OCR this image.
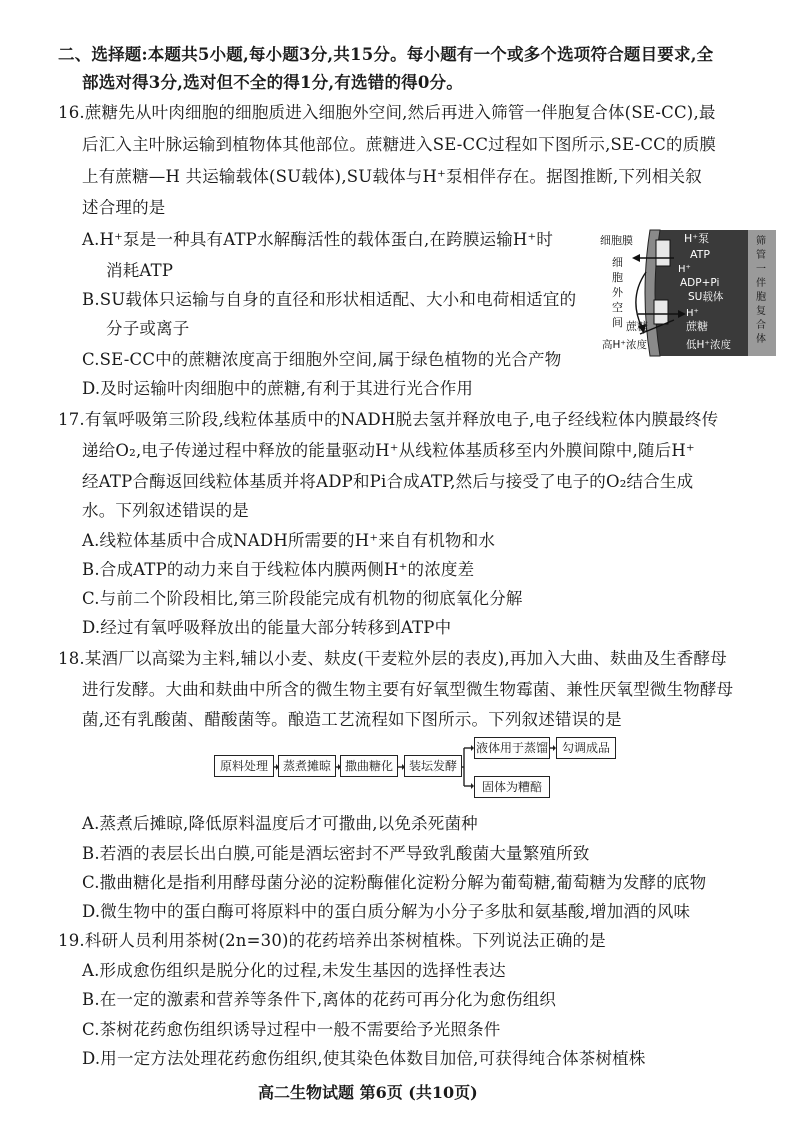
二、选择题:本题共5小题,每小题3分,共15分。每小题有一个或多个选项符合题目要求,全
部选对得3分,选对但不全的得1分,有选错的得0分。
16.蔗糖先从叶肉细胞的细胞质进入细胞外空间,然后再进入筛管一伴胞复合体(SE-CC),最
后汇入主叶脉运输到植物体其他部位。蔗糖进入SE-CC过程如下图所示,SE-CC的质膜
上有蔗糖—H 共运输载体(SU载体),SU载体与H⁺泵相伴存在。据图推断,下列相关叙
述合理的是
A.H⁺泵是一种具有ATP水解酶活性的载体蛋白,在跨膜运输H⁺时
消耗ATP
B.SU载体只运输与自身的直径和形状相适配、大小和电荷相适宜的
分子或离子
C.SE-CC中的蔗糖浓度高于细胞外空间,属于绿色植物的光合产物
D.及时运输叶肉细胞中的蔗糖,有利于其进行光合作用
H⁺泵
ATP
H⁺
ADP+Pi
SU载体
H⁺
蔗糖
低H⁺浓度
筛
管
一
伴
胞
复
合
体
细胞膜
细
胞
外
空
间 蔗糖
高H⁺浓度
17.有氧呼吸第三阶段,线粒体基质中的NADH脱去氢并释放电子,电子经线粒体内膜最终传
递给O₂,电子传递过程中释放的能量驱动H⁺从线粒体基质移至内外膜间隙中,随后H⁺
经ATP合酶返回线粒体基质并将ADP和Pi合成ATP,然后与接受了电子的O₂结合生成
水。下列叙述错误的是
A.线粒体基质中合成NADH所需要的H⁺来自有机物和水
B.合成ATP的动力来自于线粒体内膜两侧H⁺的浓度差
C.与前二个阶段相比,第三阶段能完成有机物的彻底氧化分解
D.经过有氧呼吸释放出的能量大部分转移到ATP中
18.某酒厂以高粱为主料,辅以小麦、麸皮(干麦粒外层的表皮),再加入大曲、麸曲及生香酵母
进行发酵。大曲和麸曲中所含的微生物主要有好氧型微生物霉菌、兼性厌氧型微生物酵母
菌,还有乳酸菌、醋酸菌等。酿造工艺流程如下图所示。下列叙述错误的是
原料处理	蒸煮摊晾	撒曲糖化	装坛发酵
液体用于蒸馏	勾调成品
固体为糟醅
A.蒸煮后摊晾,降低原料温度后才可撒曲,以免杀死菌种
B.若酒的表层长出白膜,可能是酒坛密封不严导致乳酸菌大量繁殖所致
C.撒曲糖化是指利用酵母菌分泌的淀粉酶催化淀粉分解为葡萄糖,葡萄糖为发酵的底物
D.微生物中的蛋白酶可将原料中的蛋白质分解为小分子多肽和氨基酸,增加酒的风味
19.科研人员利用茶树(2n=30)的花药培养出茶树植株。下列说法正确的是
A.形成愈伤组织是脱分化的过程,未发生基因的选择性表达
B.在一定的激素和营养等条件下,离体的花药可再分化为愈伤组织
C.茶树花药愈伤组织诱导过程中一般不需要给予光照条件
D.用一定方法处理花药愈伤组织,使其染色体数目加倍,可获得纯合体茶树植株
高二生物试题 第6页 (共10页)
